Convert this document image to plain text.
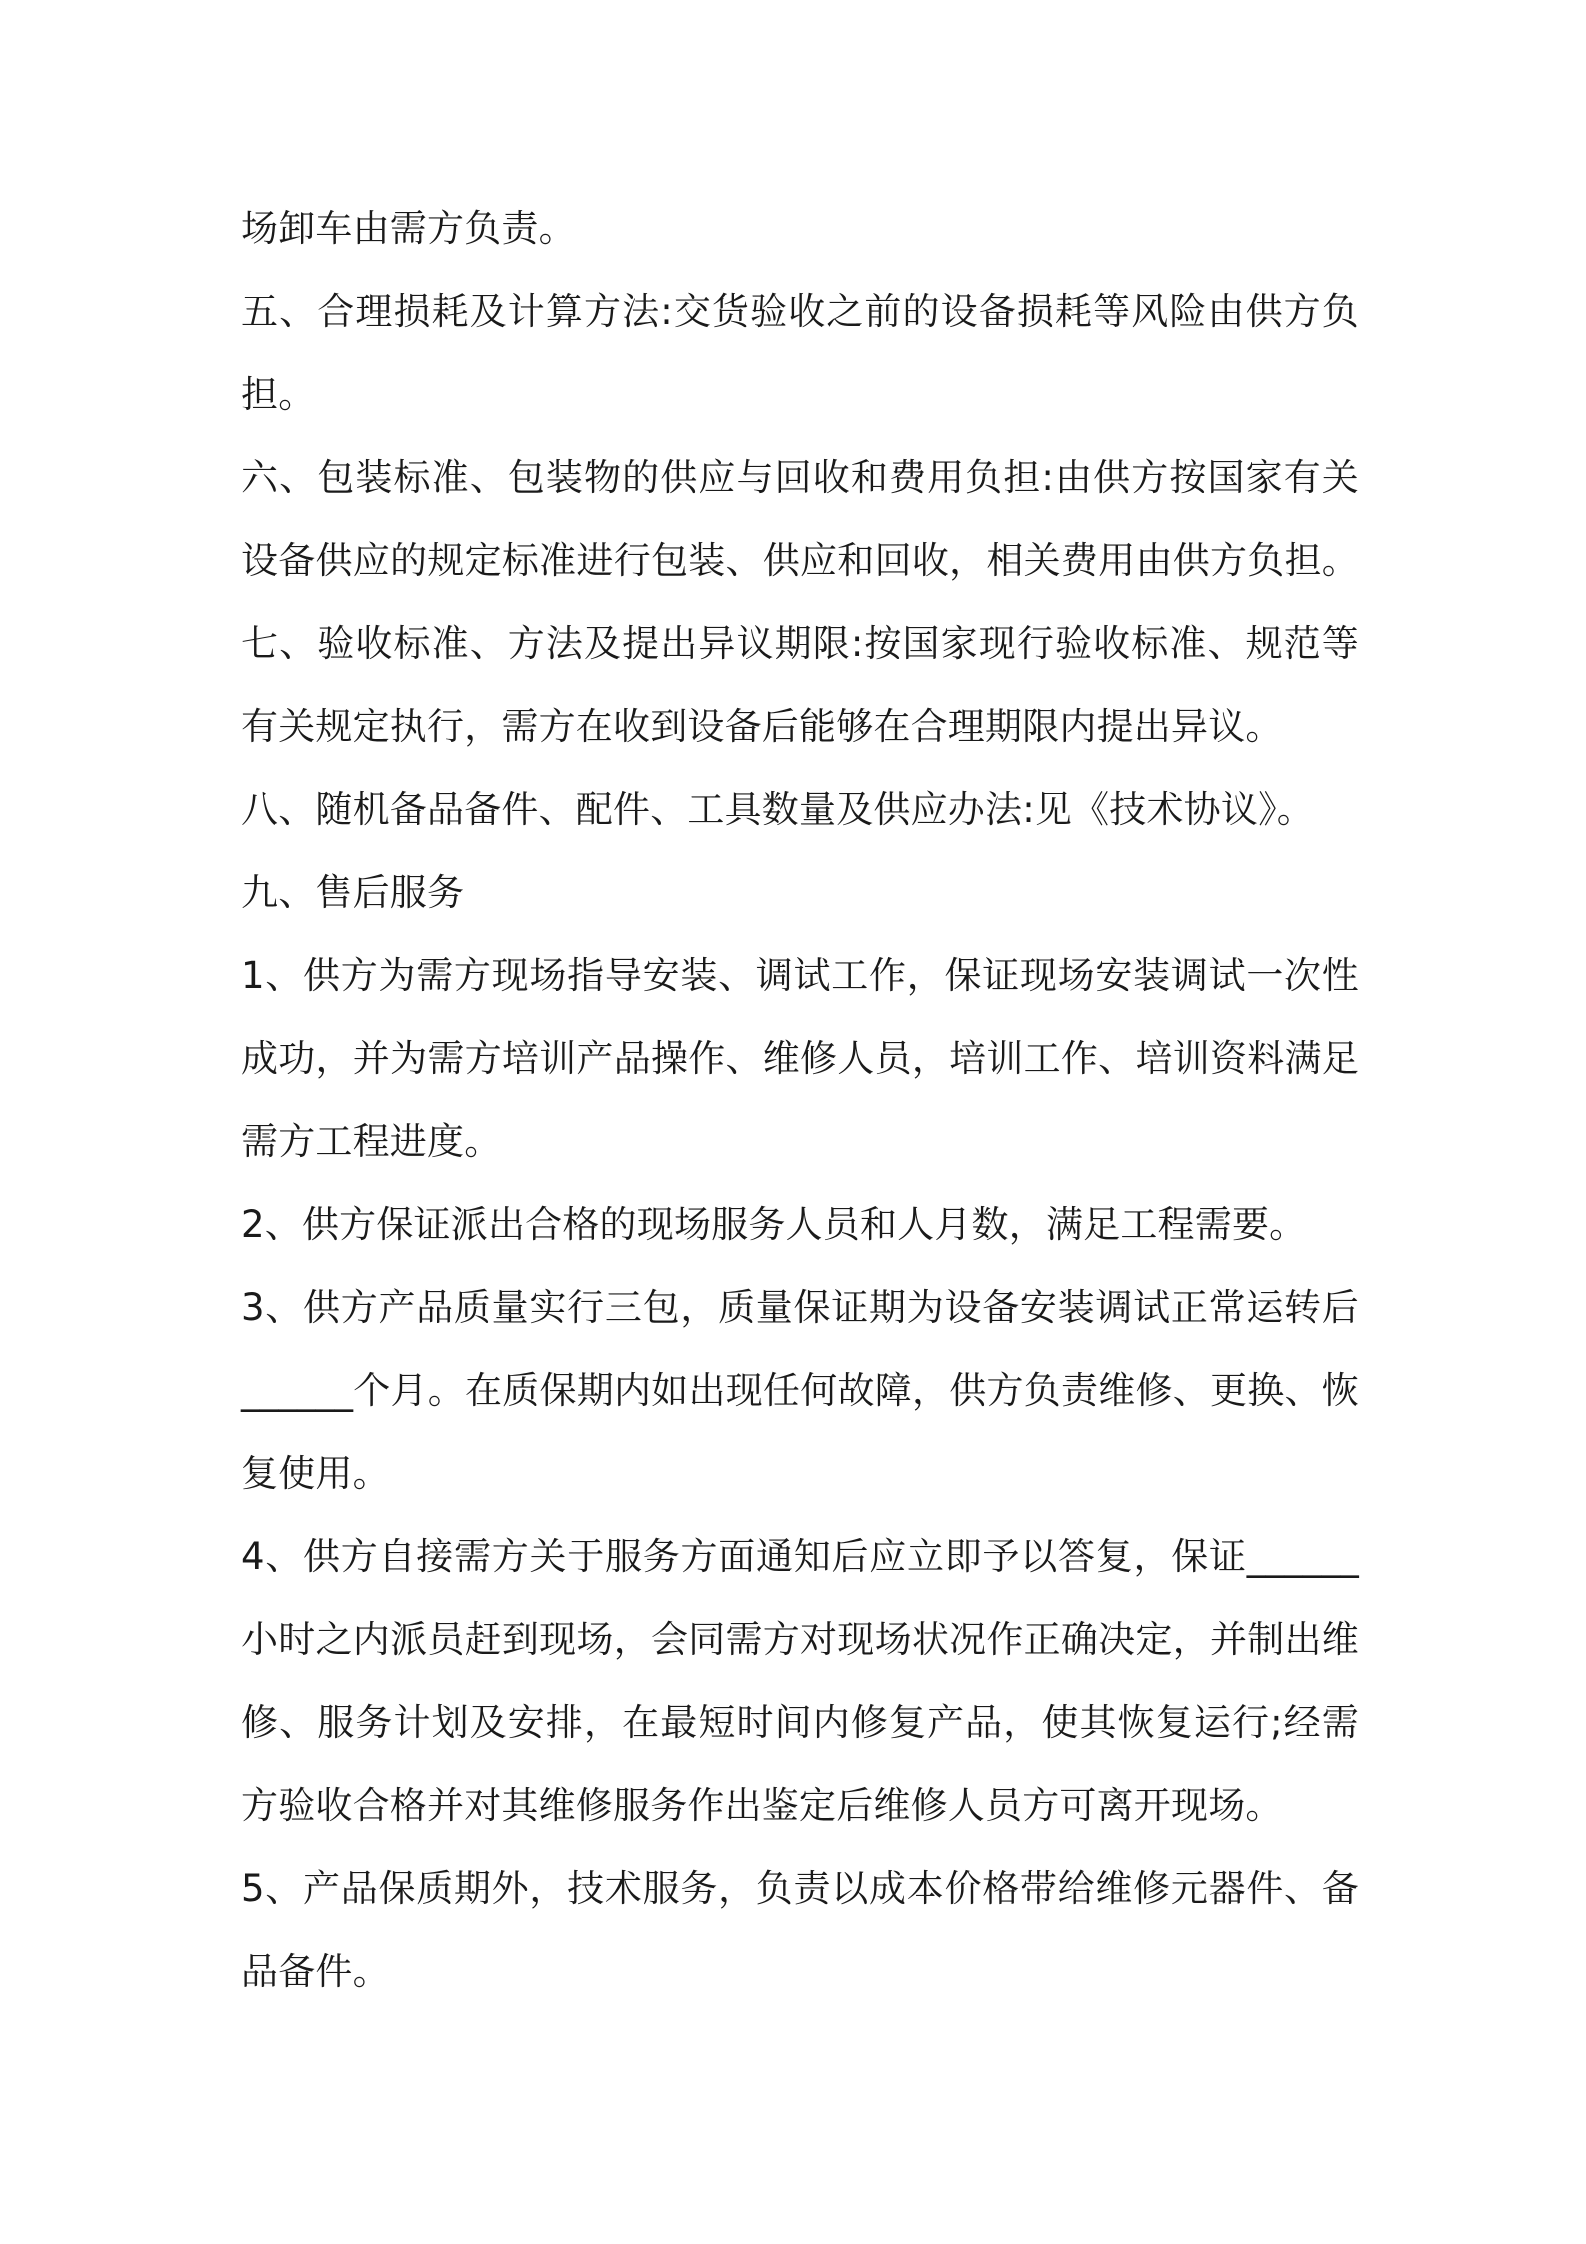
场卸车由需方负责。
五、合理损耗及计算方法:交货验收之前的设备损耗等风险由供方负
担。
六、包装标准、包装物的供应与回收和费用负担:由供方按国家有关
设备供应的规定标准进行包装、供应和回收，相关费用由供方负担。
七、验收标准、方法及提出异议期限:按国家现行验收标准、规范等
有关规定执行，需方在收到设备后能够在合理期限内提出异议。
八、随机备品备件、配件、工具数量及供应办法:见《技术协议》。
九、售后服务
1、供方为需方现场指导安装、调试工作，保证现场安装调试一次性
成功，并为需方培训产品操作、维修人员，培训工作、培训资料满足
需方工程进度。
2、供方保证派出合格的现场服务人员和人月数，满足工程需要。
3、供方产品质量实行三包，质量保证期为设备安装调试正常运转后
______个月。在质保期内如出现任何故障，供方负责维修、更换、恢
复使用。
4、供方自接需方关于服务方面通知后应立即予以答复，保证______
小时之内派员赶到现场，会同需方对现场状况作正确决定，并制出维
修、服务计划及安排，在最短时间内修复产品，使其恢复运行;经需
方验收合格并对其维修服务作出鉴定后维修人员方可离开现场。
5、产品保质期外，技术服务，负责以成本价格带给维修元器件、备
品备件。
